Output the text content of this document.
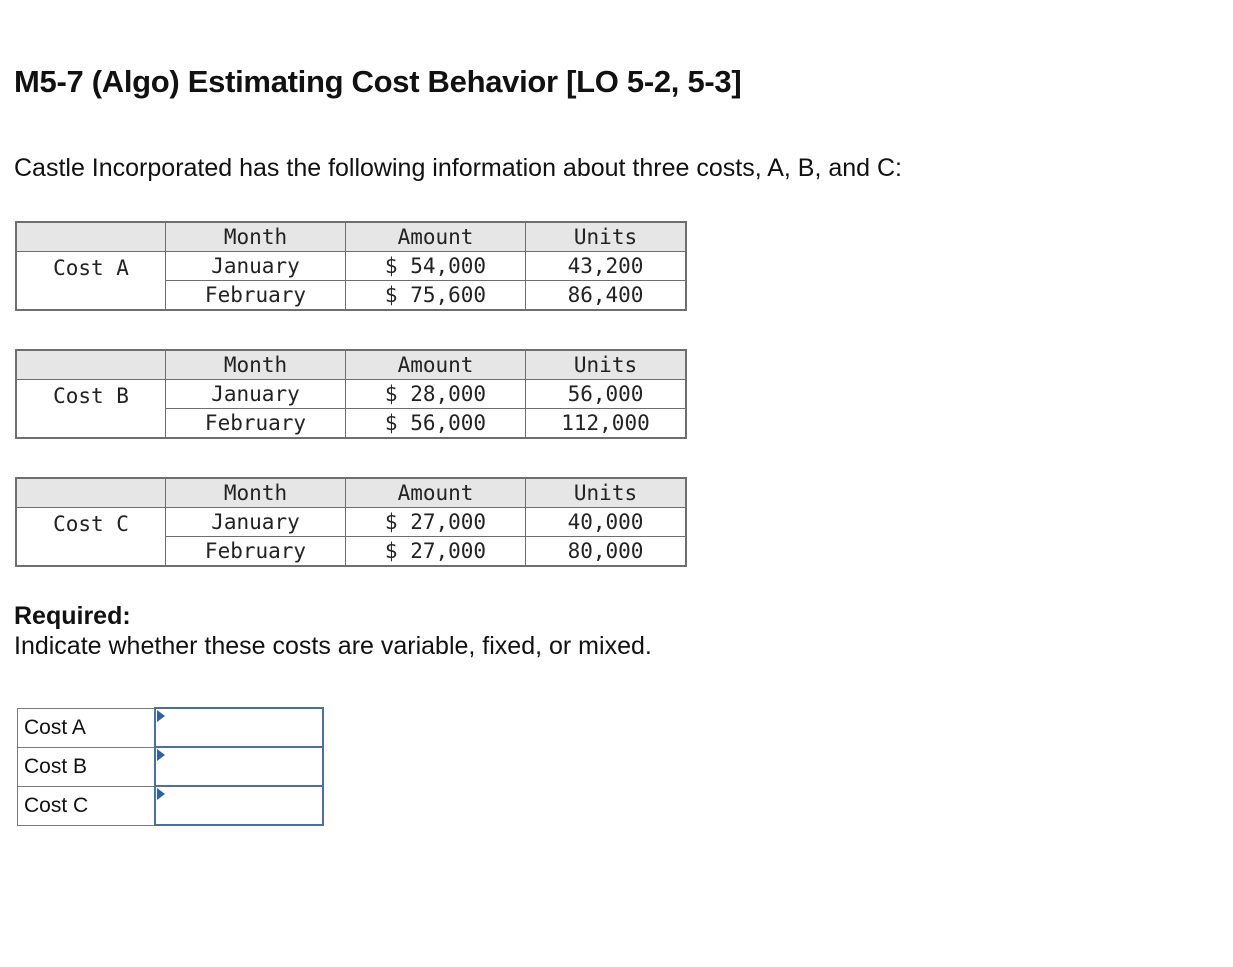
M5-7 (Algo) Estimating Cost Behavior [LO 5-2, 5-3]

Castle Incorporated has the following information about three costs, A, B, and C:

	Month	Amount	Units
Cost A	January	$ 54,000	43,200
	February	$ 75,600	86,400
	Month	Amount	Units
Cost B	January	$ 28,000	56,000
	February	$ 56,000	112,000
	Month	Amount	Units
Cost C	January	$ 27,000	40,000
	February	$ 27,000	80,000

Required:

Indicate whether these costs are variable, fixed, or mixed.

Cost A	

Cost B	

Cost C	
